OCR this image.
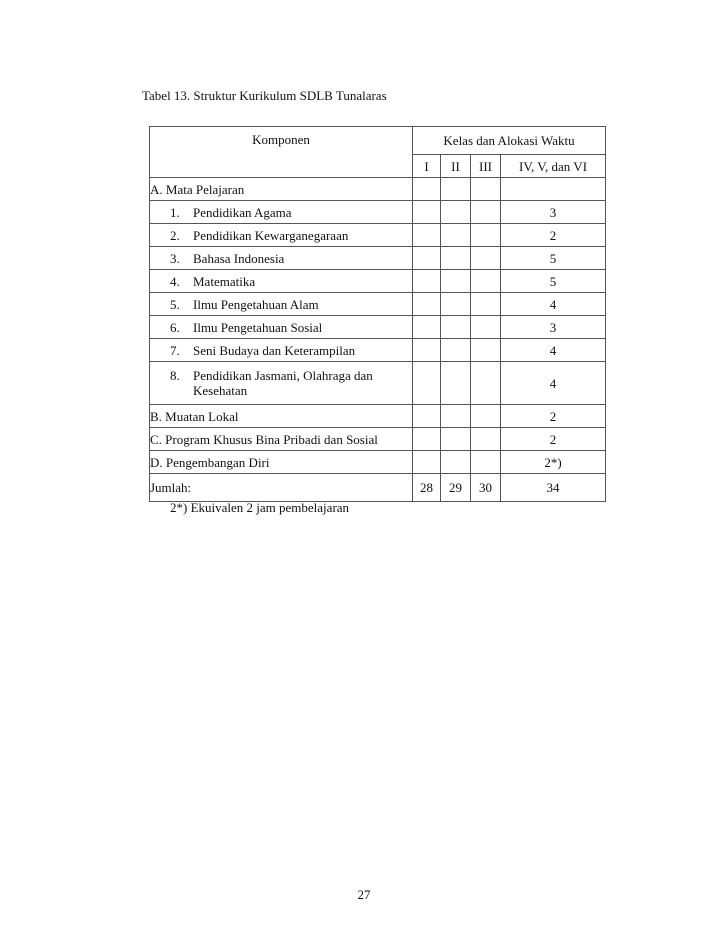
Tabel 13. Struktur Kurikulum SDLB Tunalaras
Komponen	Kelas dan Alokasi Waktu			
	I	II	III	IV, V, dan VI
A. Mata Pelajaran				

1. Pendidikan Agama				3

2. Pendidikan Kewarganegaraan				2

3. Bahasa Indonesia				5

4. Matematika				5

5. Ilmu Pengetahuan Alam				4

6. Ilmu Pengetahuan Sosial				3

7. Seni Budaya dan Keterampilan				4

8. Pendidikan Jasmani, Olahraga dan Kesehatan				4
B. Muatan Lokal				2
C. Program Khusus Bina Pribadi dan Sosial				2
D. Pengembangan Diri				2*)
Jumlah:	28	29	30	34
2*) Ekuivalen 2 jam pembelajaran
27
